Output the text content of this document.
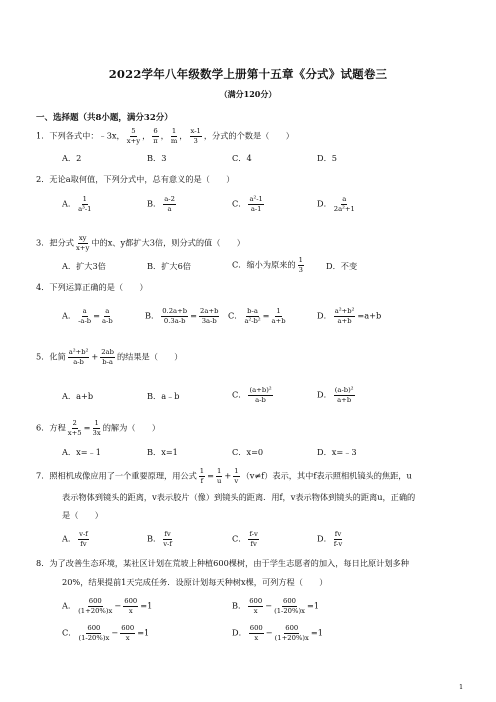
2022学年八年级数学上册第十五章《分式》试题卷三
（满分120分）
一、选择题（共8小题，满分32分）
1．下列各式中：﹣3x， $\frac{5}{x+y}$ ， $\frac{6}{\pi}$ ， $\frac{1}{m}$ ， $\frac{x-1}{3}$ ，分式的个数是（　　）
A．2	B．3	C．4	D．5
2．无论a取何值，下列分式中，总有意义的是（　　）
A． $\frac{1}{\text{a³-1}}$	B． $\frac{a-2}{a}$	C． $\frac{\text{a²-1}}{a-1}$	D． $\frac{a}{\text{2a²+1}}$
3．把分式 $\frac{xy}{x+y}$ 中的x、y都扩大3倍，则分式的值（　　）
A．扩大3倍	B．扩大6倍	C．缩小为原来的 $\frac{1}{3}$	D．不变
4．下列运算正确的是（　　）
A． $\frac{a}{-a-b} = \frac{a}{a-b}$	B． $\frac{0.2a+b}{0.3a-b} = \frac{2a+b}{3a-b}$ C． $\frac{b-a}{\text{a²-b²}} = \frac{1}{a+b}$	D． $\frac{\text{a²+b²}}{a+b} =a+b$
5．化简 $\frac{\text{a²+b²}}{a-b} + \frac{2ab}{b-a}$ 的结果是（　　）
A．a+b	B．a﹣b	C． $\frac{\text{(a+b)²}}{a-b}$	D． $\frac{\text{(a-b)²}}{a+b}$
6．方程 $\frac{2}{x+5} = \frac{1}{3x}$ 的解为（　　）
A．x=﹣1	B．x=1	C．x=0	D．x=﹣3
7．照相机成像应用了一个重要原理，用公式 $\frac{1}{f} = \frac{1}{u} + \frac{1}{v} (v\ne f)$表示，其中f表示照相机镜头的焦距，u
表示物体到镜头的距离，v表示胶片（像）到镜头的距离．用f，v表示物体到镜头的距离u，正确的
是（　　）
A． $\frac{v-f}{fv}$	B． $\frac{fv}{v-f}$	C． $\frac{f-v}{fv}$	D． $\frac{fv}{f-v}$
8．为了改善生态环境，某社区计划在荒坡上种植600棵树，由于学生志愿者的加入，每日比原计划多种
20%，结果提前1天完成任务．设原计划每天种树x棵，可列方程（　　）
A． $\frac{600}{(1+20\%)x} - \frac{600}{x} =1$	B． $\frac{600}{x} - \frac{600}{(1-20\%)x} =1$
C． $\frac{600}{(1-20\%)x} - \frac{600}{x} =1$	D． $\frac{600}{x} - \frac{600}{(1+20\%)x} =1$
1
